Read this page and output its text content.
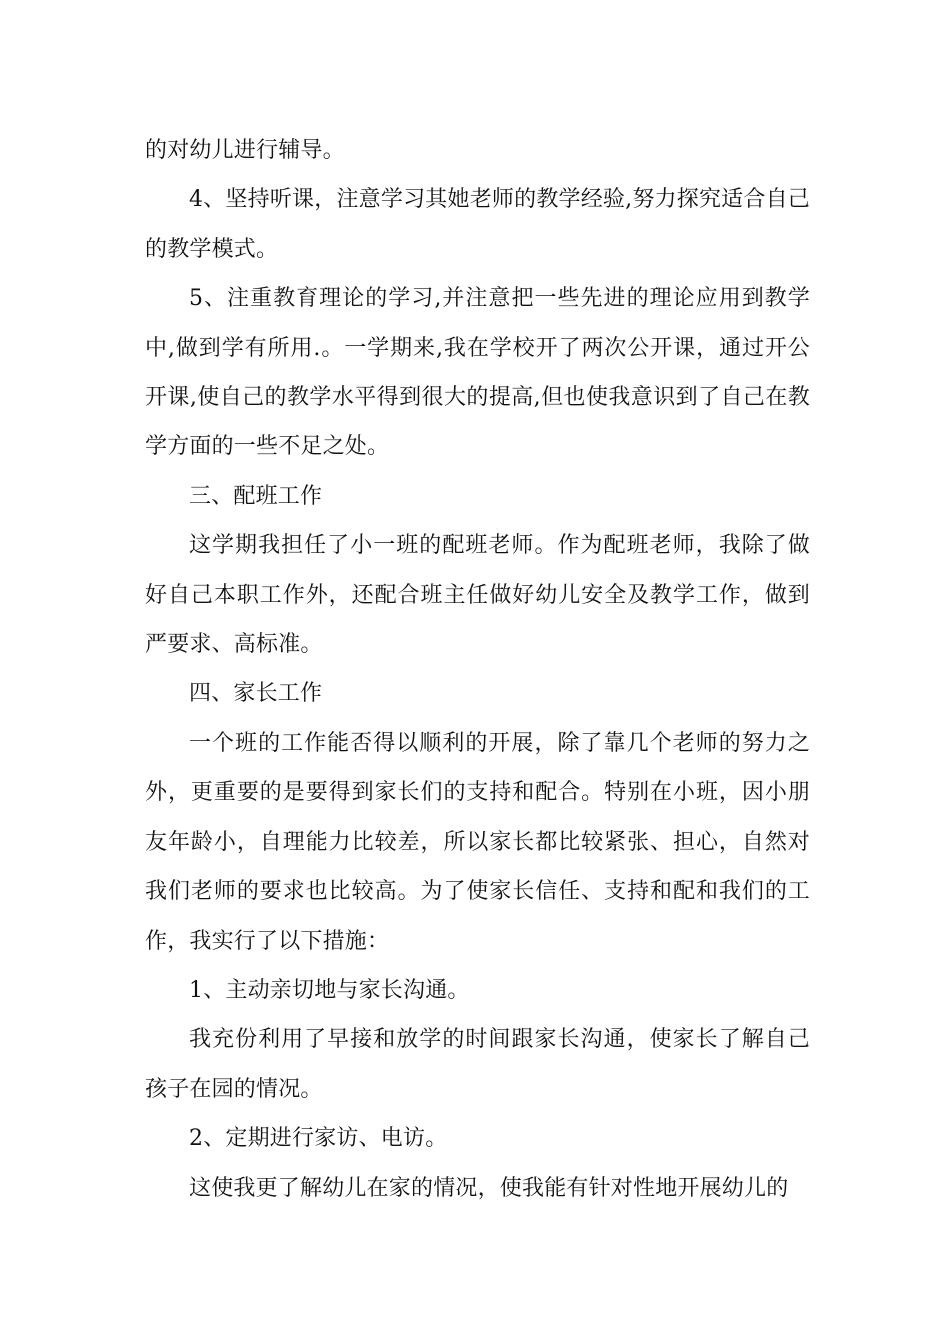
的对幼儿进行辅导。

4、坚持听课，注意学习其她老师的教学经验,努力探究适合自己的教学模式。

5、注重教育理论的学习,并注意把一些先进的理论应用到教学中,做到学有所用.。一学期来,我在学校开了两次公开课，通过开公开课,使自己的教学水平得到很大的提高,但也使我意识到了自己在教学方面的一些不足之处。

三、配班工作

这学期我担任了小一班的配班老师。作为配班老师，我除了做好自己本职工作外，还配合班主任做好幼儿安全及教学工作，做到严要求、高标准。

四、家长工作

一个班的工作能否得以顺利的开展，除了靠几个老师的努力之外，更重要的是要得到家长们的支持和配合。特别在小班，因小朋友年龄小，自理能力比较差，所以家长都比较紧张、担心，自然对我们老师的要求也比较高。为了使家长信任、支持和配和我们的工作，我实行了以下措施：

1、主动亲切地与家长沟通。

我充份利用了早接和放学的时间跟家长沟通，使家长了解自己孩子在园的情况。

2、定期进行家访、电访。

这使我更了解幼儿在家的情况，使我能有针对性地开展幼儿的
